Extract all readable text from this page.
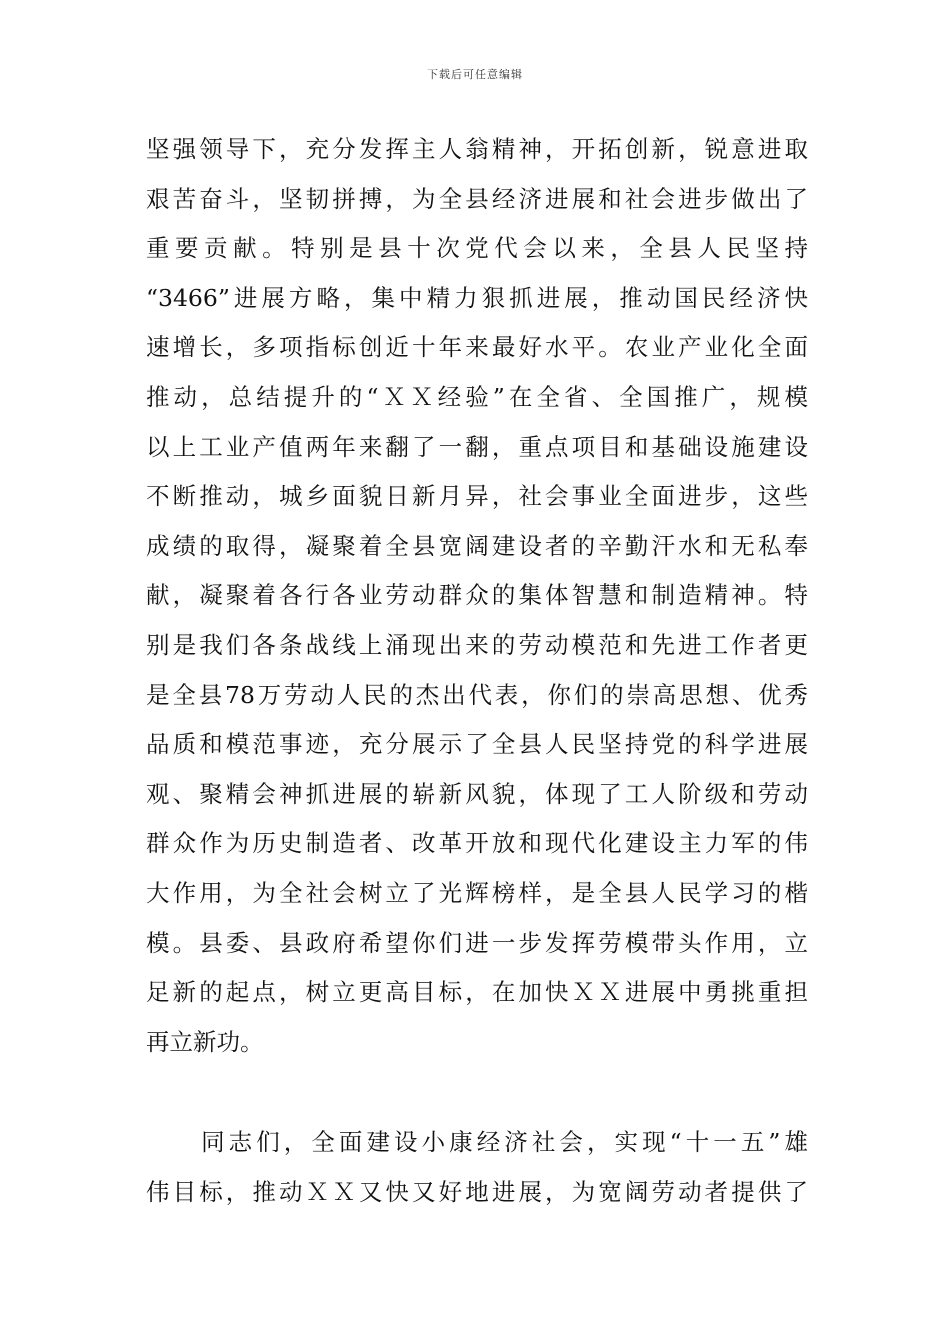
下载后可任意编辑
坚强领导下，充分发挥主人翁精神，开拓创新，锐意进取
艰苦奋斗，坚韧拼搏，为全县经济进展和社会进步做出了
重要贡献。特别是县十次党代会以来，全县人民坚持
“3466”进展方略，集中精力狠抓进展，推动国民经济快
速增长，多项指标创近十年来最好水平。农业产业化全面
推动，总结提升的“ＸＸ经验”在全省、全国推广，规模
以上工业产值两年来翻了一翻，重点项目和基础设施建设
不断推动，城乡面貌日新月异，社会事业全面进步，这些
成绩的取得，凝聚着全县宽阔建设者的辛勤汗水和无私奉
献，凝聚着各行各业劳动群众的集体智慧和制造精神。特
别是我们各条战线上涌现出来的劳动模范和先进工作者更
是全县78万劳动人民的杰出代表，你们的崇高思想、优秀
品质和模范事迹，充分展示了全县人民坚持党的科学进展
观、聚精会神抓进展的崭新风貌，体现了工人阶级和劳动
群众作为历史制造者、改革开放和现代化建设主力军的伟
大作用，为全社会树立了光辉榜样，是全县人民学习的楷
模。县委、县政府希望你们进一步发挥劳模带头作用，立
足新的起点，树立更高目标，在加快ＸＸ进展中勇挑重担
再立新功。
　　同志们，全面建设小康经济社会，实现“十一五”雄
伟目标，推动ＸＸ又快又好地进展，为宽阔劳动者提供了
